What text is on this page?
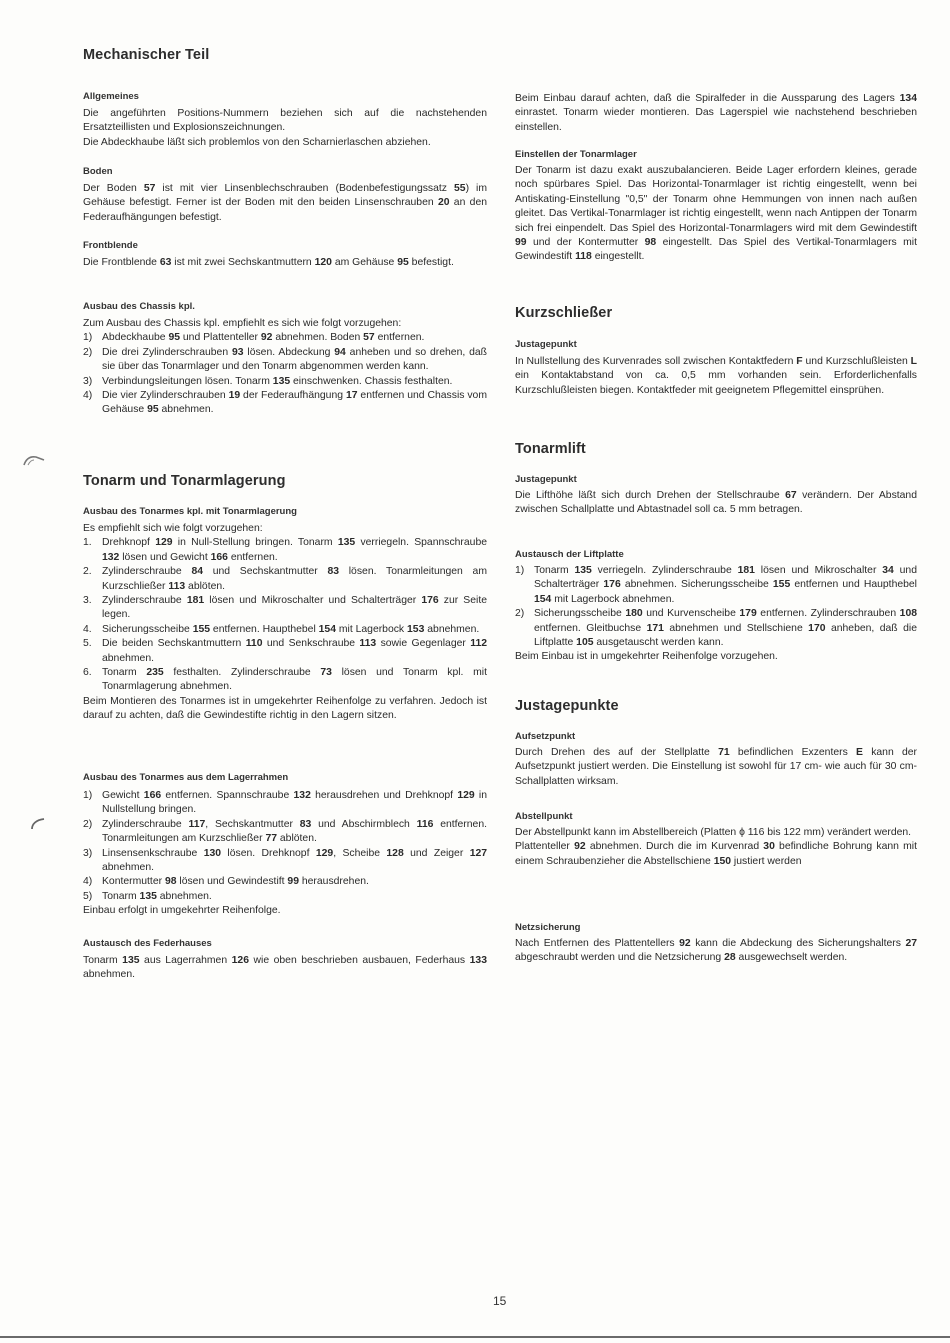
Mechanischer Teil
Allgemeines

Die angeführten Positions-Nummern beziehen sich auf die nachstehenden Ersatzteillisten und Explosionszeichnungen.

Die Abdeckhaube läßt sich problemlos von den Scharnierlaschen abziehen.

Boden

Der Boden 57 ist mit vier Linsenblechschrauben (Bodenbefestigungssatz 55) im Gehäuse befestigt. Ferner ist der Boden mit den beiden Linsenschrauben 20 an den Federaufhängungen befestigt.

Frontblende

Die Frontblende 63 ist mit zwei Sechskantmuttern 120 am Gehäuse 95 befestigt.

Ausbau des Chassis kpl.

Zum Ausbau des Chassis kpl. empfiehlt es sich wie folgt vorzugehen:

1) Abdeckhaube 95 und Plattenteller 92 abnehmen. Boden 57 entfernen.
2) Die drei Zylinderschrauben 93 lösen. Abdeckung 94 anheben und so drehen, daß sie über das Tonarmlager und den Tonarm abgenommen werden kann.
3) Verbindungsleitungen lösen. Tonarm 135 einschwenken. Chassis festhalten.
4) Die vier Zylinderschrauben 19 der Federaufhängung 17 entfernen und Chassis vom Gehäuse 95 abnehmen.
Tonarm und Tonarmlagerung
Ausbau des Tonarmes kpl. mit Tonarmlagerung

Es empfiehlt sich wie folgt vorzugehen:

1. Drehknopf 129 in Null-Stellung bringen. Tonarm 135 verriegeln. Spannschraube 132 lösen und Gewicht 166 entfernen.
2. Zylinderschraube 84 und Sechskantmutter 83 lösen. Tonarmleitungen am Kurzschließer 113 ablöten.
3. Zylinderschraube 181 lösen und Mikroschalter und Schalterträger 176 zur Seite legen.
4. Sicherungsscheibe 155 entfernen. Haupthebel 154 mit Lagerbock 153 abnehmen.
5. Die beiden Sechskantmuttern 110 und Senkschraube 113 sowie Gegenlager 112 abnehmen.
6. Tonarm 235 festhalten. Zylinderschraube 73 lösen und Tonarm kpl. mit Tonarmlagerung abnehmen.

Beim Montieren des Tonarmes ist in umgekehrter Reihenfolge zu verfahren. Jedoch ist darauf zu achten, daß die Gewindestifte richtig in den Lagern sitzen.

Ausbau des Tonarmes aus dem Lagerrahmen
1) Gewicht 166 entfernen. Spannschraube 132 herausdrehen und Drehknopf 129 in Nullstellung bringen.
2) Zylinderschraube 117, Sechskantmutter 83 und Abschirmblech 116 entfernen. Tonarmleitungen am Kurzschließer 77 ablöten.
3) Linsensenkschraube 130 lösen. Drehknopf 129, Scheibe 128 und Zeiger 127 abnehmen.
4) Kontermutter 98 lösen und Gewindestift 99 herausdrehen.
5) Tonarm 135 abnehmen.

Einbau erfolgt in umgekehrter Reihenfolge.

Austausch des Federhauses

Tonarm 135 aus Lagerrahmen 126 wie oben beschrieben ausbauen, Federhaus 133 abnehmen.

Beim Einbau darauf achten, daß die Spiralfeder in die Aussparung des Lagers 134 einrastet. Tonarm wieder montieren. Das Lagerspiel wie nachstehend beschrieben einstellen.

Einstellen der Tonarmlager

Der Tonarm ist dazu exakt auszubalancieren. Beide Lager erfordern kleines, gerade noch spürbares Spiel. Das Horizontal-Tonarmlager ist richtig eingestellt, wenn bei Antiskating-Einstellung "0,5" der Tonarm ohne Hemmungen von innen nach außen gleitet. Das Vertikal-Tonarmlager ist richtig eingestellt, wenn nach Antippen der Tonarm sich frei einpendelt. Das Spiel des Horizontal-Tonarmlagers wird mit dem Gewindestift 99 und der Kontermutter 98 eingestellt. Das Spiel des Vertikal-Tonarmlagers mit Gewindestift 118 eingestellt.

Kurzschließer
Justagepunkt

In Nullstellung des Kurvenrades soll zwischen Kontaktfedern F und Kurzschlußleisten L ein Kontaktabstand von ca. 0,5 mm vorhanden sein. Erforderlichenfalls Kurzschlußleisten biegen. Kontaktfeder mit geeignetem Pflegemittel einsprühen.

Tonarmlift
Justagepunkt

Die Lifthöhe läßt sich durch Drehen der Stellschraube 67 verändern. Der Abstand zwischen Schallplatte und Abtastnadel soll ca. 5 mm betragen.

Austausch der Liftplatte
1) Tonarm 135 verriegeln. Zylinderschraube 181 lösen und Mikroschalter 34 und Schalterträger 176 abnehmen. Sicherungsscheibe 155 entfernen und Haupthebel 154 mit Lagerbock abnehmen.
2) Sicherungsscheibe 180 und Kurvenscheibe 179 entfernen. Zylinderschrauben 108 entfernen. Gleitbuchse 171 abnehmen und Stellschiene 170 anheben, daß die Liftplatte 105 ausgetauscht werden kann.

Beim Einbau ist in umgekehrter Reihenfolge vorzugehen.

Justagepunkte
Aufsetzpunkt

Durch Drehen des auf der Stellplatte 71 befindlichen Exzenters E kann der Aufsetzpunkt justiert werden. Die Einstellung ist sowohl für 17 cm- wie auch für 30 cm-Schallplatten wirksam.

Abstellpunkt

Der Abstellpunkt kann im Abstellbereich (Platten ϕ 116 bis 122 mm) verändert werden.

Plattenteller 92 abnehmen. Durch die im Kurvenrad 30 befindliche Bohrung kann mit einem Schraubenzieher die Abstellschiene 150 justiert werden

Netzsicherung

Nach Entfernen des Plattentellers 92 kann die Abdeckung des Sicherungshalters 27 abgeschraubt werden und die Netzsicherung 28 ausgewechselt werden.

15
